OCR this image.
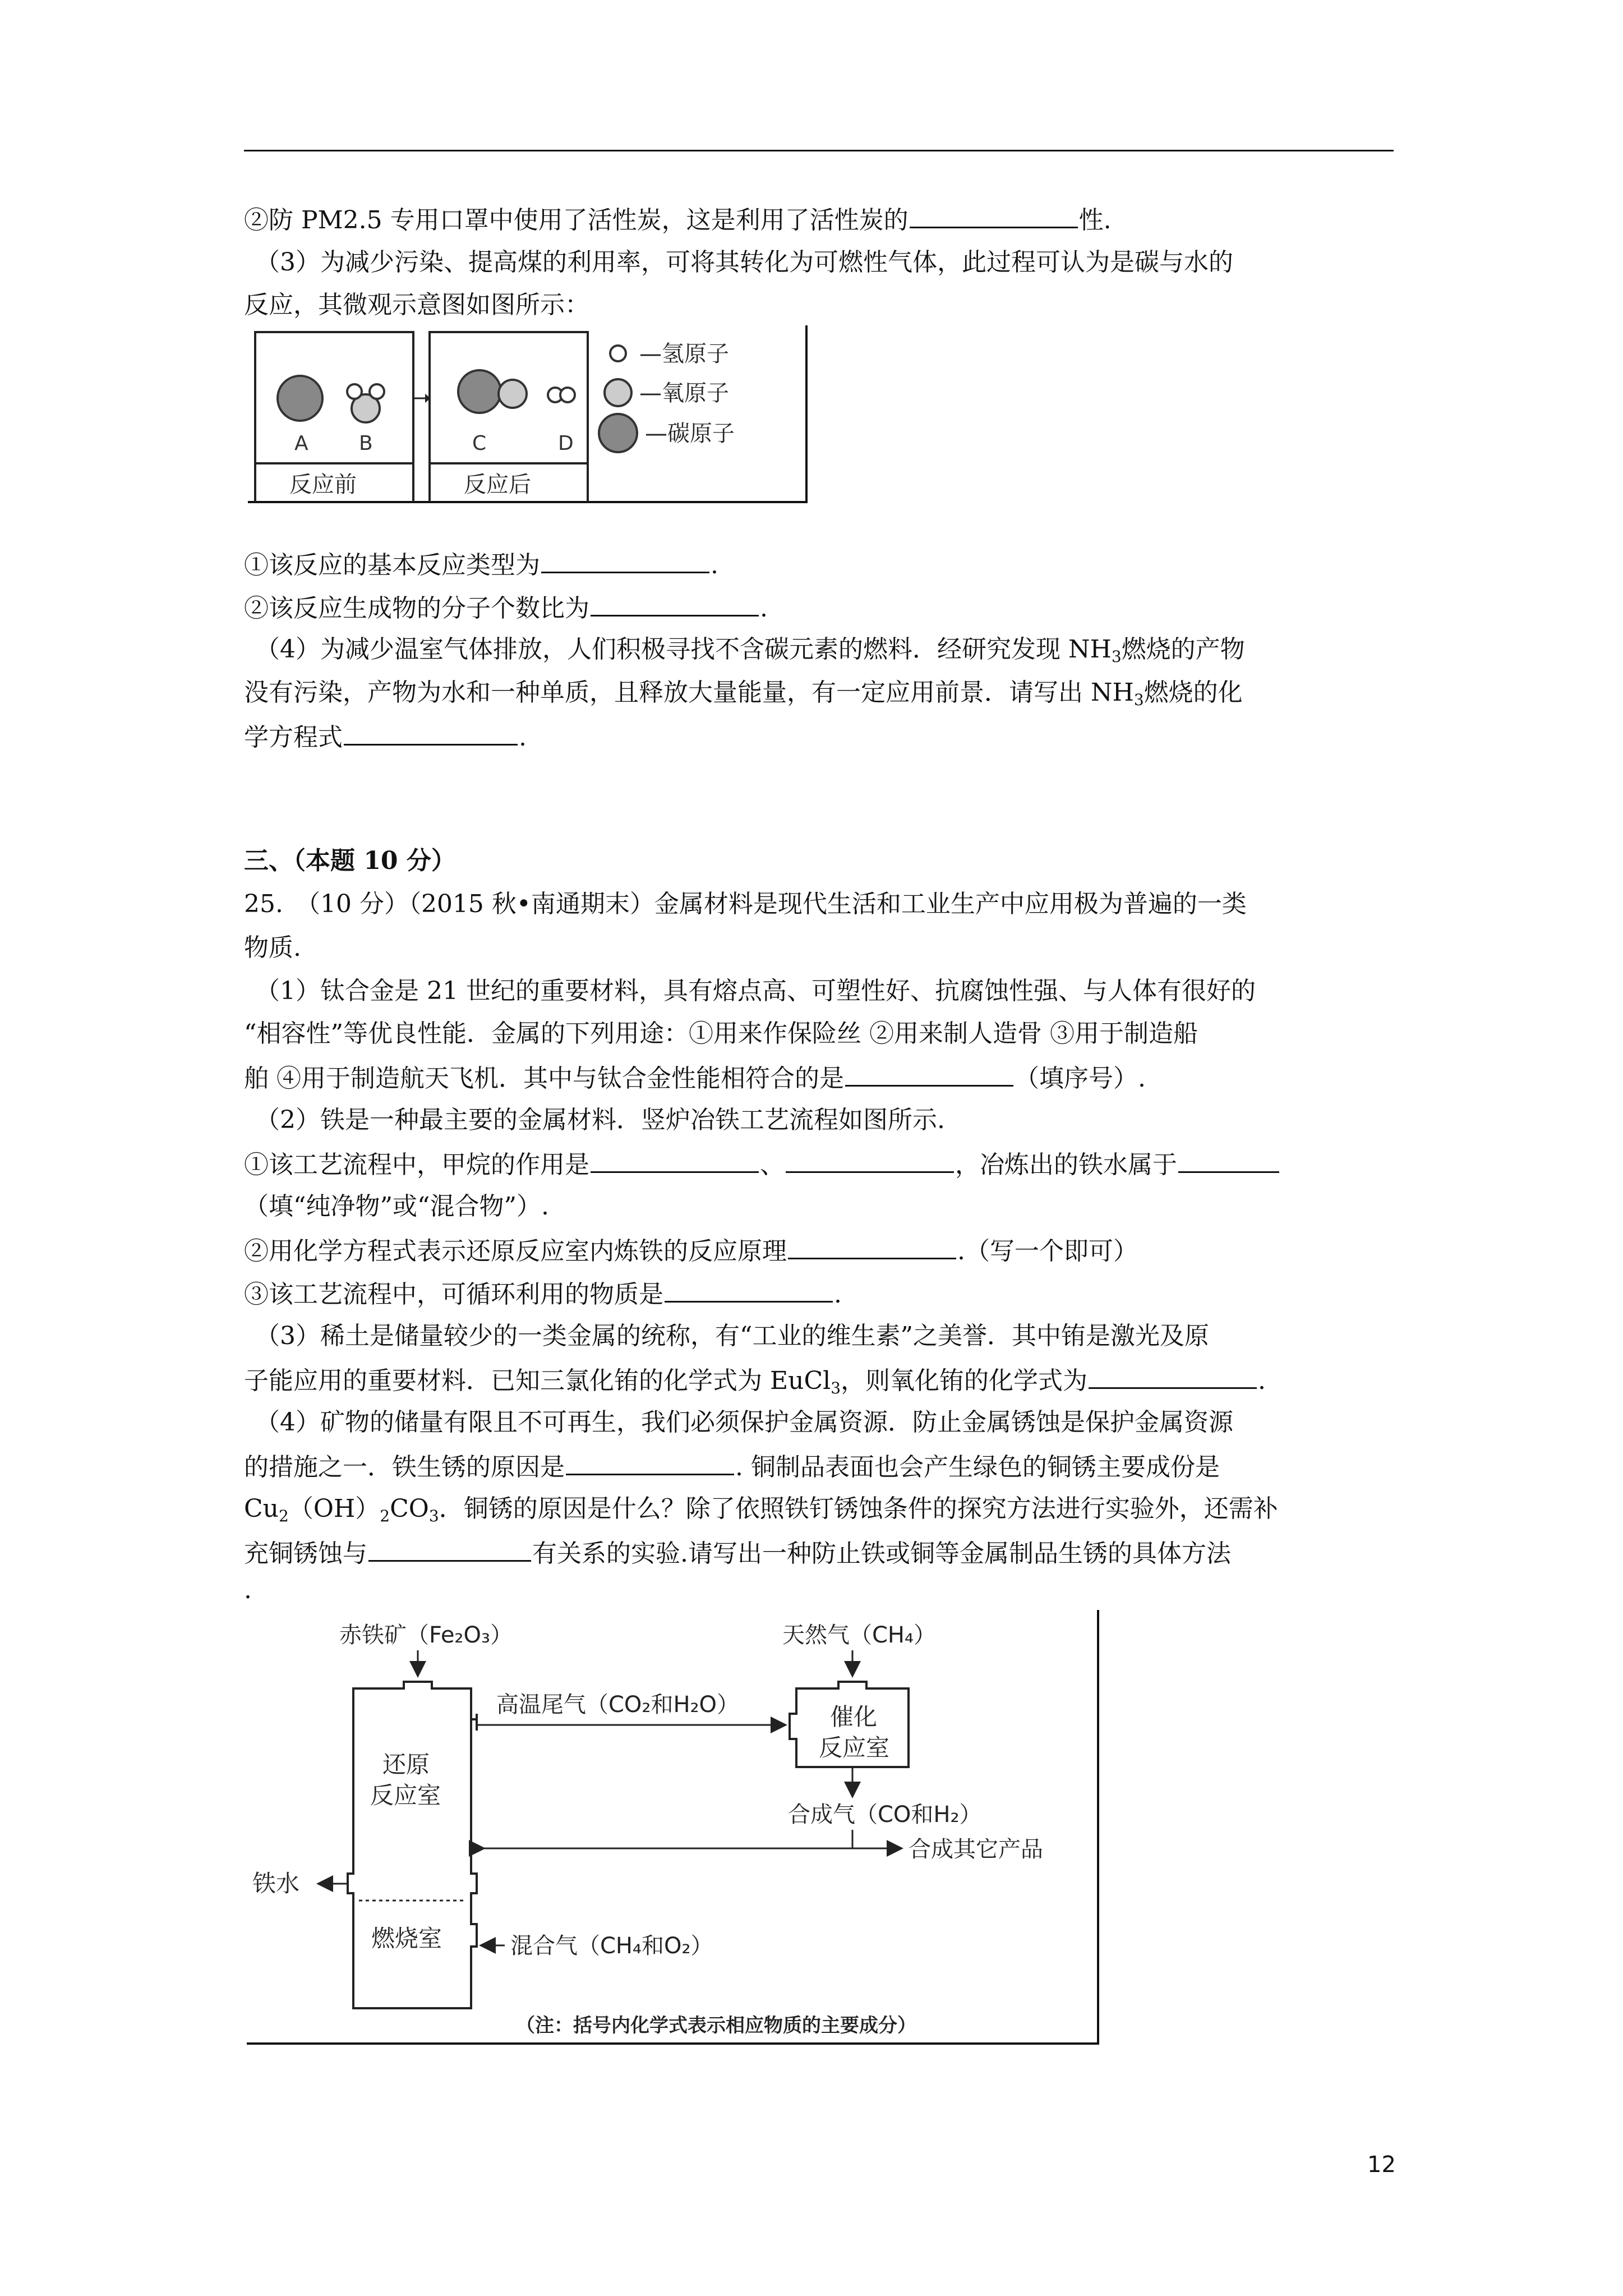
②防 PM2.5 专用口罩中使用了活性炭，这是利用了活性炭的	性.
（3）为减少污染、提高煤的利用率，可将其转化为可燃性气体，此过程可认为是碳与水的
反应，其微观示意图如图所示：
A	B	C	D
反应前	反应后
—氢原子
—氧原子
—碳原子
①该反应的基本反应类型为	.
②该反应生成物的分子个数比为	.
（4）为减少温室气体排放，人们积极寻找不含碳元素的燃料．经研究发现 $NH_3$燃烧的产物
没有污染，产物为水和一种单质，且释放大量能量，有一定应用前景．请写出 $NH_3$燃烧的化
学方程式	.
三、（本题 10 分）
25.　（10 分）（2015 秋•南通期末）金属材料是现代生活和工业生产中应用极为普遍的一类
物质.
（1）钛合金是 21 世纪的重要材料，具有熔点高、可塑性好、抗腐蚀性强、与人体有很好的
“相容性”等优良性能．金属的下列用途：①用来作保险丝 ②用来制人造骨 ③用于制造船
舶 ④用于制造航天飞机．其中与钛合金性能相符合的是	（填序号）.
（2）铁是一种最主要的金属材料．竖炉冶铁工艺流程如图所示.
①该工艺流程中，甲烷的作用是	、	，冶炼出的铁水属于
（填“纯净物”或“混合物”）.
②用化学方程式表示还原反应室内炼铁的反应原理	.（写一个即可）
③该工艺流程中，可循环利用的物质是	.
（3）稀土是储量较少的一类金属的统称，有“工业的维生素”之美誉．其中铕是激光及原
子能应用的重要材料．已知三氯化铕的化学式为 EuCl$_3$，则氧化铕的化学式为	.
（4）矿物的储量有限且不可再生，我们必须保护金属资源．防止金属锈蚀是保护金属资源
的措施之一．铁生锈的原因是	. 铜制品表面也会产生绿色的铜锈主要成份是
$Cu_2(OH)_2CO_3$．铜锈的原因是什么？除了依照铁钉锈蚀条件的探究方法进行实验外，还需补
充铜锈蚀与	有关系的实验.请写出一种防止铁或铜等金属制品生锈的具体方法
.
赤铁矿（Fe₂O₃）
还原
反应室
燃烧室
铁水
高温尾气（CO₂和H₂O）
天然气（CH₄）
催化
反应室
合成气（CO和H₂）
合成其它产品
混合气（CH₄和O₂）
（注：括号内化学式表示相应物质的主要成分）
12
